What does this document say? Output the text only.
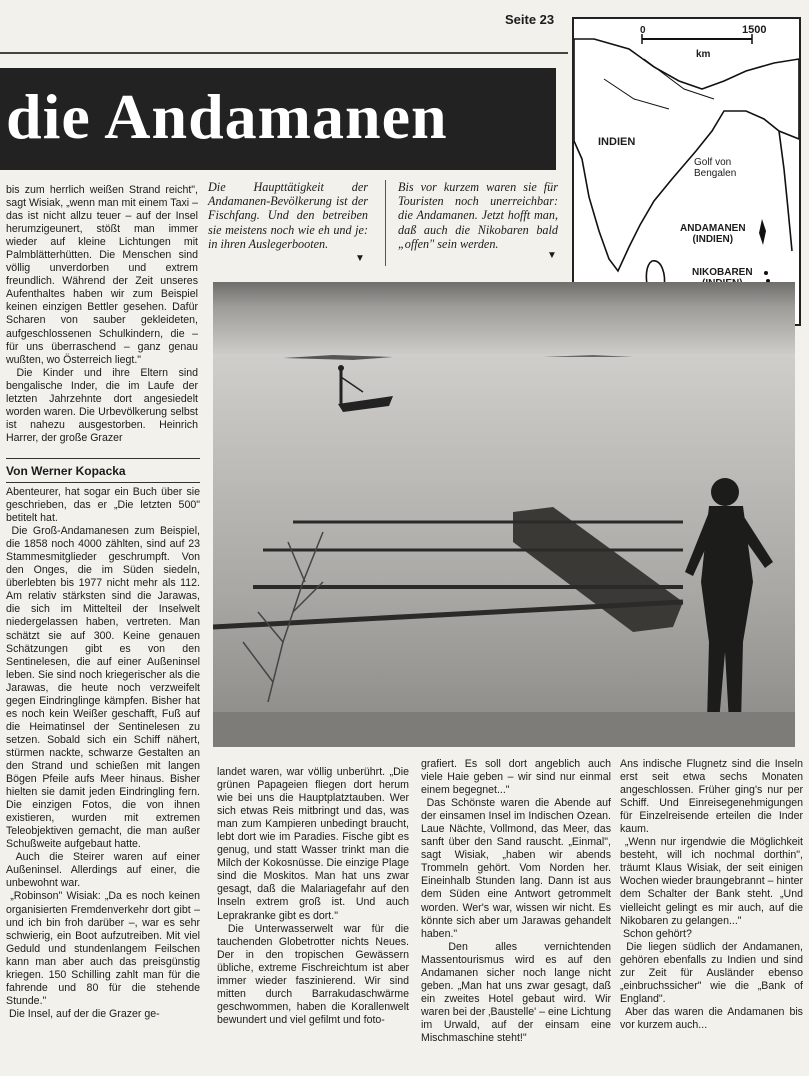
Seite 23
die Andamanen
0	1500
km
INDIEN
Golf von
Bengalen
ANDAMANEN
(INDIEN)
NIKOBAREN

bis zum herrlich weißen Strand reicht", sagt Wisiak, „wenn man mit einem Taxi – das ist nicht allzu teuer – auf der Insel herumzigeunert, stößt man immer wieder auf kleine Lichtungen mit Palmblätterhütten. Die Menschen sind völlig unverdorben und extrem freundlich. Während der Zeit unseres Aufenthaltes haben wir zum Beispiel keinen einzigen Bettler gesehen. Dafür Scharen von sauber gekleideten, aufgeschlossenen Schulkindern, die – für uns überraschend – ganz genau wußten, wo Österreich liegt."
Die Kinder und ihre Eltern sind bengalische Inder, die im Laufe der letzten Jahrzehnte dort angesiedelt worden waren. Die Urbevölkerung selbst ist nahezu ausgestorben. Heinrich Harrer, der große Grazer
Die Haupttätigkeit der Andamanen-Bevölkerung ist der Fischfang. Und den betreiben sie meistens noch wie eh und je: in ihren Auslegerbooten.
▼
Bis vor kurzem waren sie für Touristen noch unerreichbar: die Andamanen. Jetzt hofft man, daß auch die Nikobaren bald „offen" sein werden.
▼
Von Werner Kopacka
Abenteurer, hat sogar ein Buch über sie geschrieben, das er „Die letzten 500" betitelt hat.
Die Groß-Andamanesen zum Beispiel, die 1858 noch 4000 zählten, sind auf 23 Stammesmitglieder geschrumpft. Von den Onges, die im Süden siedeln, überlebten bis 1977 nicht mehr als 112. Am relativ stärksten sind die Jarawas, die sich im Mittelteil der Inselwelt niedergelassen haben, vertreten. Man schätzt sie auf 300. Keine genauen Schätzungen gibt es von den Sentinelesen, die auf einer Außeninsel leben. Sie sind noch kriegerischer als die Jarawas, die heute noch verzweifelt gegen Eindringlinge kämpfen. Bisher hat es noch kein Weißer geschafft, Fuß auf die Heimatinsel der Sentinelesen zu setzen. Sobald sich ein Schiff nähert, stürmen nackte, schwarze Gestalten an den Strand und schießen mit langen Bögen Pfeile aufs Meer hinaus. Bisher hielten sie damit jeden Eindringling fern. Die einzigen Fotos, die von ihnen existieren, wurden mit extremen Teleobjektiven gemacht, die man außer Schußweite aufgebaut hatte.
Auch die Steirer waren auf einer Außeninsel. Allerdings auf einer, die unbewohnt war.
„Robinson" Wisiak: „Da es noch keinen organisierten Fremdenverkehr dort gibt – und ich bin froh darüber –, war es sehr schwierig, ein Boot aufzutreiben. Mit viel Geduld und stundenlangem Feilschen kann man aber auch das preisgünstig kriegen. 150 Schilling zahlt man für die fahrende und 80 für die stehende Stunde."
Die Insel, auf der die Grazer ge-
landet waren, war völlig unberührt. „Die grünen Papageien fliegen dort herum wie bei uns die Hauptplatztauben. Wer sich etwas Reis mitbringt und das, was man zum Kampieren unbedingt braucht, lebt dort wie im Paradies. Fische gibt es genug, und statt Wasser trinkt man die Milch der Kokosnüsse. Die einzige Plage sind die Moskitos. Man hat uns zwar gesagt, daß die Malariagefahr auf den Inseln extrem groß ist. Und auch Leprakranke gibt es dort."
Die Unterwasserwelt war für die tauchenden Globetrotter nichts Neues. Der in den tropischen Gewässern übliche, extreme Fischreichtum ist aber immer wieder faszinierend. Wir sind mitten durch Barrakudaschwärme geschwommen, haben die Korallenwelt bewundert und viel gefilmt und foto-
grafiert. Es soll dort angeblich auch viele Haie geben – wir sind nur einmal einem begegnet..."
Das Schönste waren die Abende auf der einsamen Insel im Indischen Ozean. Laue Nächte, Vollmond, das Meer, das sanft über den Sand rauscht. „Einmal", sagt Wisiak, „haben wir abends Trommeln gehört. Vom Norden her. Eineinhalb Stunden lang. Dann ist aus dem Süden eine Antwort getrommelt worden. Wer's war, wissen wir nicht. Es könnte sich aber um Jarawas gehandelt haben."
Den alles vernichtenden Massentourismus wird es auf den Andamanen sicher noch lange nicht geben. „Man hat uns zwar gesagt, daß ein zweites Hotel gebaut wird. Wir waren bei der ‚Baustelle' – eine Lichtung im Urwald, auf der einsam eine Mischmaschine steht!"
Ans indische Flugnetz sind die Inseln erst seit etwa sechs Monaten angeschlossen. Früher ging's nur per Schiff. Und Einreisegenehmigungen für Einzelreisende erteilen die Inder kaum.
„Wenn nur irgendwie die Möglichkeit besteht, will ich nochmal dorthin", träumt Klaus Wisiak, der seit einigen Wochen wieder braungebrannt – hinter dem Schalter der Bank steht. „Und vielleicht gelingt es mir auch, auf die Nikobaren zu gelangen..."
Schon gehört?
Die liegen südlich der Andamanen, gehören ebenfalls zu Indien und sind zur Zeit für Ausländer ebenso „einbruchssicher" wie die „Bank of England".
Aber das waren die Andamanen bis vor kurzem auch...
